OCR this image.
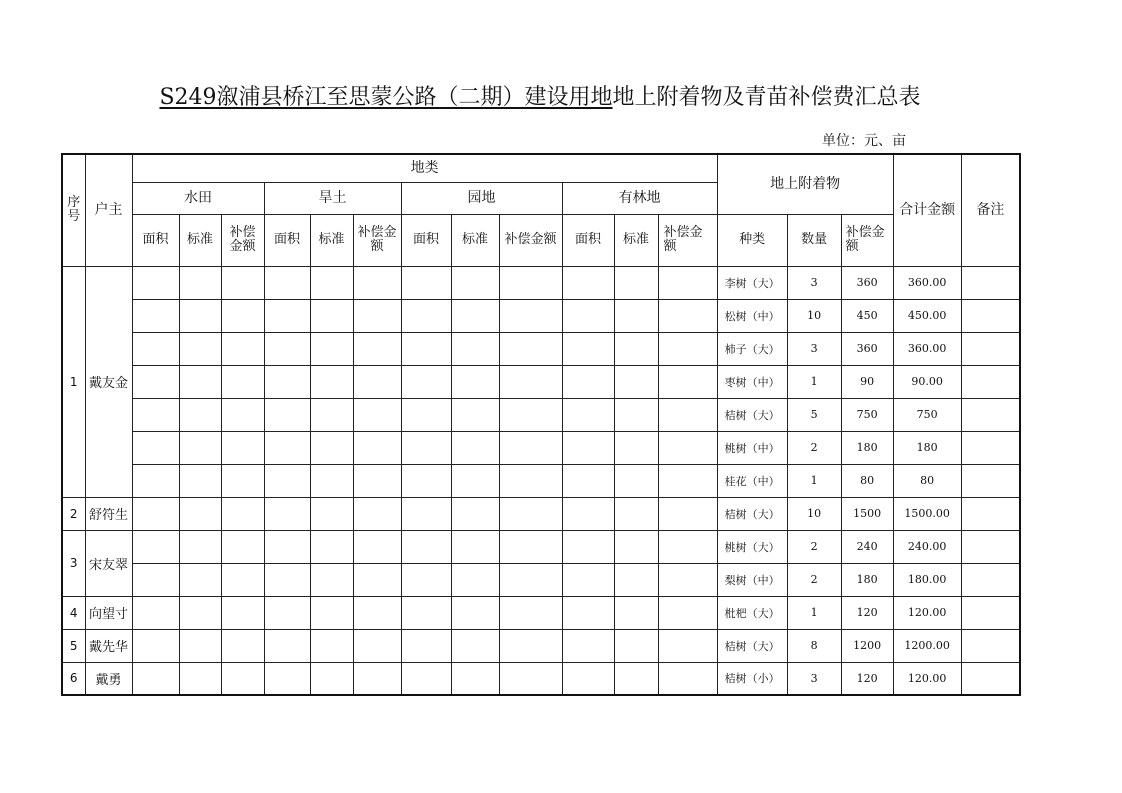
S249溆浦县桥江至思蒙公路（二期）建设用地地上附着物及青苗补偿费汇总表
单位：元、亩
序号	户主	地类												地上附着物			合计金额	备注
		水田			旱土			园地			有林地							
		面积	标准	补偿金额	面积	标准	补偿金额	面积	标准	补偿金额	面积	标准	补偿金额	种类	数量	补偿金额		
1	戴友金													李树（大）	3	360	360.00	
														松树（中）	10	450	450.00	
														柿子（大）	3	360	360.00	
														枣树（中）	1	90	90.00	
														桔树（大）	5	750	750	
														桃树（中）	2	180	180	
														桂花（中）	1	80	80	
2	舒符生													桔树（大）	10	1500	1500.00	
3	宋友翠													桃树（大）	2	240	240.00	
														梨树（中）	2	180	180.00	
4	向望寸													枇杷（大）	1	120	120.00	
5	戴先华													桔树（大）	8	1200	1200.00	
6	戴勇													桔树（小）	3	120	120.00	
